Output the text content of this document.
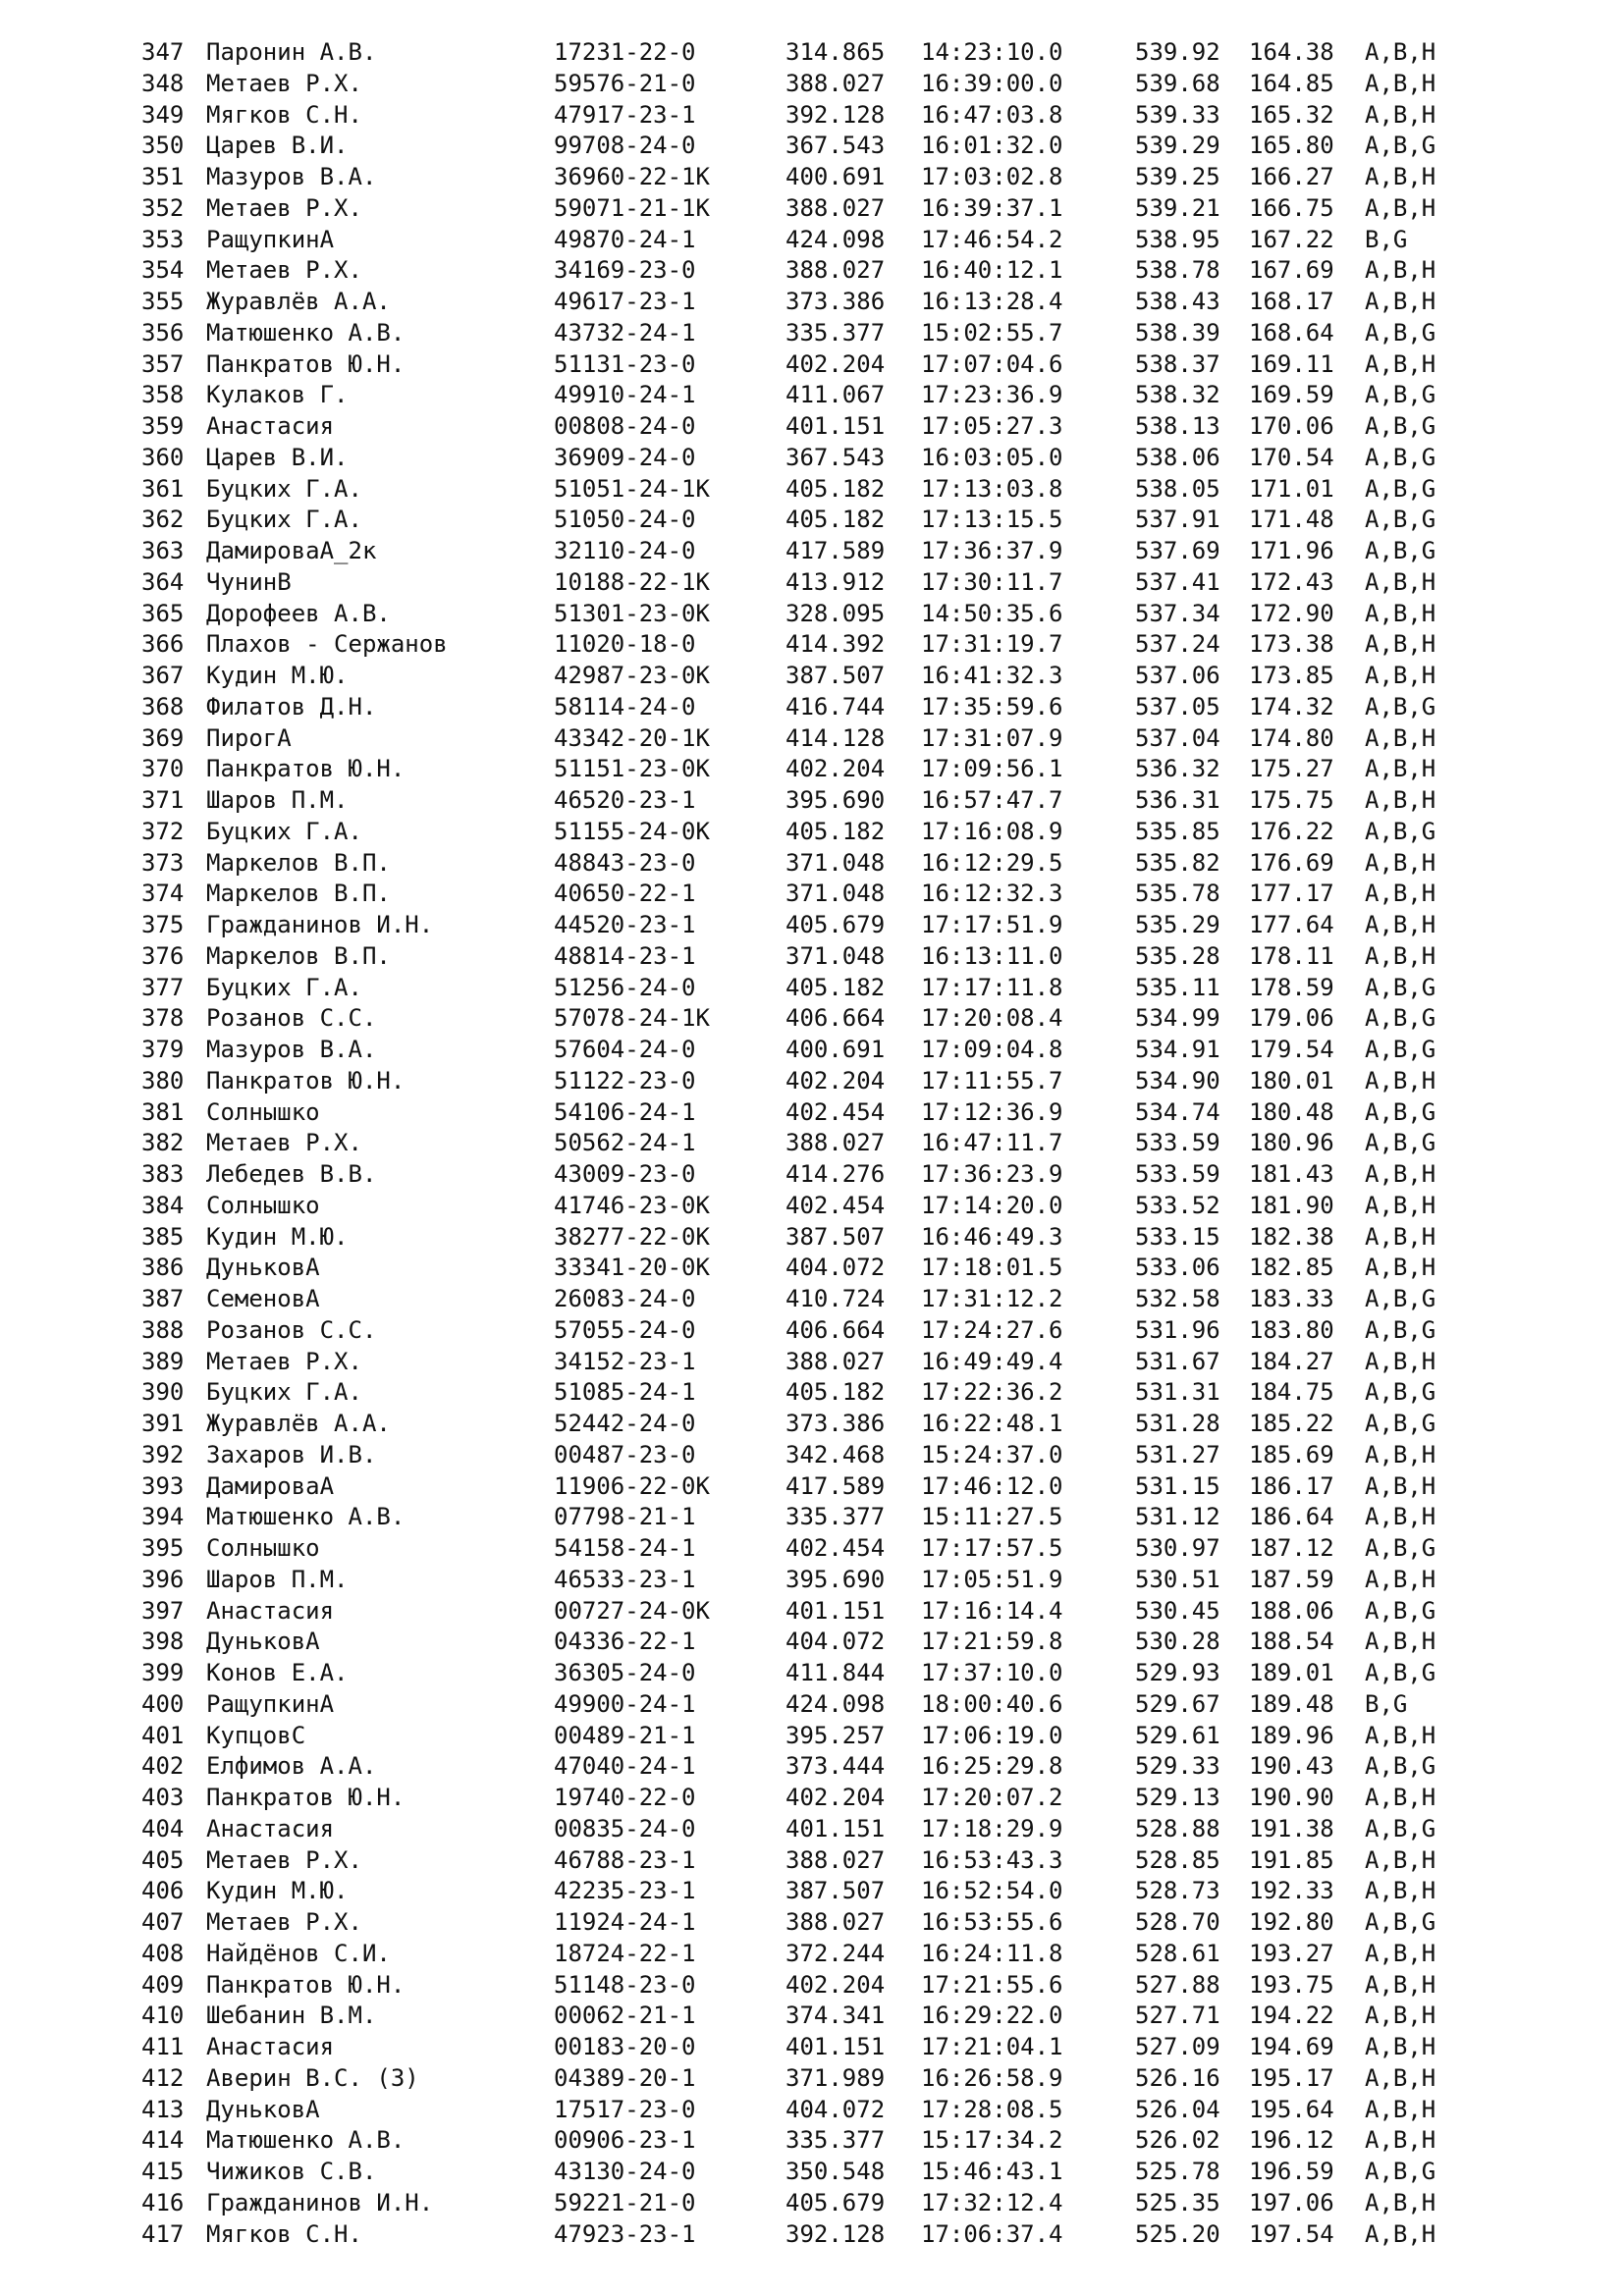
347 Паронин А.В.	17231-22-0	314.865 14:23:10.0	539.92 164.38 A,B,H
348 Метаев Р.Х.	59576-21-0	388.027 16:39:00.0	539.68 164.85 A,B,H
349 Мягков С.Н.	47917-23-1	392.128 16:47:03.8	539.33 165.32 A,B,H
350 Царев В.И.	99708-24-0	367.543 16:01:32.0	539.29 165.80 A,B,G
351 Мазуров В.А.	36960-22-1K	400.691 17:03:02.8	539.25 166.27 A,B,H
352 Метаев Р.Х.	59071-21-1K	388.027 16:39:37.1	539.21 166.75 A,B,H
353 РащупкинА	49870-24-1	424.098 17:46:54.2	538.95 167.22 B,G
354 Метаев Р.Х.	34169-23-0	388.027 16:40:12.1	538.78 167.69 A,B,H
355 Журавлёв А.А.	49617-23-1	373.386 16:13:28.4	538.43 168.17 A,B,H
356 Матюшенко А.В.	43732-24-1	335.377 15:02:55.7	538.39 168.64 A,B,G
357 Панкратов Ю.Н.	51131-23-0	402.204 17:07:04.6	538.37 169.11 A,B,H
358 Кулаков Г.	49910-24-1	411.067 17:23:36.9	538.32 169.59 A,B,G
359 Анастасия	00808-24-0	401.151 17:05:27.3	538.13 170.06 A,B,G
360 Царев В.И.	36909-24-0	367.543 16:03:05.0	538.06 170.54 A,B,G
361 Буцких Г.А.	51051-24-1K	405.182 17:13:03.8	538.05 171.01 A,B,G
362 Буцких Г.А.	51050-24-0	405.182 17:13:15.5	537.91 171.48 A,B,G
363 ДамироваА_2к	32110-24-0	417.589 17:36:37.9	537.69 171.96 A,B,G
364 ЧунинВ	10188-22-1K	413.912 17:30:11.7	537.41 172.43 A,B,H
365 Дорофеев А.В.	51301-23-0K	328.095 14:50:35.6	537.34 172.90 A,B,H
366 Плахов - Сержанов	11020-18-0	414.392 17:31:19.7	537.24 173.38 A,B,H
367 Кудин М.Ю.	42987-23-0K	387.507 16:41:32.3	537.06 173.85 A,B,H
368 Филатов Д.Н.	58114-24-0	416.744 17:35:59.6	537.05 174.32 A,B,G
369 ПирогА	43342-20-1K	414.128 17:31:07.9	537.04 174.80 A,B,H
370 Панкратов Ю.Н.	51151-23-0K	402.204 17:09:56.1	536.32 175.27 A,B,H
371 Шаров П.М.	46520-23-1	395.690 16:57:47.7	536.31 175.75 A,B,H
372 Буцких Г.А.	51155-24-0K	405.182 17:16:08.9	535.85 176.22 A,B,G
373 Маркелов В.П.	48843-23-0	371.048 16:12:29.5	535.82 176.69 A,B,H
374 Маркелов В.П.	40650-22-1	371.048 16:12:32.3	535.78 177.17 A,B,H
375 Гражданинов И.Н.	44520-23-1	405.679 17:17:51.9	535.29 177.64 A,B,H
376 Маркелов В.П.	48814-23-1	371.048 16:13:11.0	535.28 178.11 A,B,H
377 Буцких Г.А.	51256-24-0	405.182 17:17:11.8	535.11 178.59 A,B,G
378 Розанов С.С.	57078-24-1K	406.664 17:20:08.4	534.99 179.06 A,B,G
379 Мазуров В.А.	57604-24-0	400.691 17:09:04.8	534.91 179.54 A,B,G
380 Панкратов Ю.Н.	51122-23-0	402.204 17:11:55.7	534.90 180.01 A,B,H
381 Солнышко	54106-24-1	402.454 17:12:36.9	534.74 180.48 A,B,G
382 Метаев Р.Х.	50562-24-1	388.027 16:47:11.7	533.59 180.96 A,B,G
383 Лебедев В.В.	43009-23-0	414.276 17:36:23.9	533.59 181.43 A,B,H
384 Солнышко	41746-23-0K	402.454 17:14:20.0	533.52 181.90 A,B,H
385 Кудин М.Ю.	38277-22-0K	387.507 16:46:49.3	533.15 182.38 A,B,H
386 ДуньковА	33341-20-0K	404.072 17:18:01.5	533.06 182.85 A,B,H
387 СеменовА	26083-24-0	410.724 17:31:12.2	532.58 183.33 A,B,G
388 Розанов С.С.	57055-24-0	406.664 17:24:27.6	531.96 183.80 A,B,G
389 Метаев Р.Х.	34152-23-1	388.027 16:49:49.4	531.67 184.27 A,B,H
390 Буцких Г.А.	51085-24-1	405.182 17:22:36.2	531.31 184.75 A,B,G
391 Журавлёв А.А.	52442-24-0	373.386 16:22:48.1	531.28 185.22 A,B,G
392 Захаров И.В.	00487-23-0	342.468 15:24:37.0	531.27 185.69 A,B,H
393 ДамироваА	11906-22-0K	417.589 17:46:12.0	531.15 186.17 A,B,H
394 Матюшенко А.В.	07798-21-1	335.377 15:11:27.5	531.12 186.64 A,B,H
395 Солнышко	54158-24-1	402.454 17:17:57.5	530.97 187.12 A,B,G
396 Шаров П.М.	46533-23-1	395.690 17:05:51.9	530.51 187.59 A,B,H
397 Анастасия	00727-24-0K	401.151 17:16:14.4	530.45 188.06 A,B,G
398 ДуньковА	04336-22-1	404.072 17:21:59.8	530.28 188.54 A,B,H
399 Конов Е.А.	36305-24-0	411.844 17:37:10.0	529.93 189.01 A,B,G
400 РащупкинА	49900-24-1	424.098 18:00:40.6	529.67 189.48 B,G
401 КупцовС	00489-21-1	395.257 17:06:19.0	529.61 189.96 A,B,H
402 Елфимов А.А.	47040-24-1	373.444 16:25:29.8	529.33 190.43 A,B,G
403 Панкратов Ю.Н.	19740-22-0	402.204 17:20:07.2	529.13 190.90 A,B,H
404 Анастасия	00835-24-0	401.151 17:18:29.9	528.88 191.38 A,B,G
405 Метаев Р.Х.	46788-23-1	388.027 16:53:43.3	528.85 191.85 A,B,H
406 Кудин М.Ю.	42235-23-1	387.507 16:52:54.0	528.73 192.33 A,B,H
407 Метаев Р.Х.	11924-24-1	388.027 16:53:55.6	528.70 192.80 A,B,G
408 Найдёнов С.И.	18724-22-1	372.244 16:24:11.8	528.61 193.27 A,B,H
409 Панкратов Ю.Н.	51148-23-0	402.204 17:21:55.6	527.88 193.75 A,B,H
410 Шебанин В.М.	00062-21-1	374.341 16:29:22.0	527.71 194.22 A,B,H
411 Анастасия	00183-20-0	401.151 17:21:04.1	527.09 194.69 A,B,H
412 Аверин В.С. (З)	04389-20-1	371.989 16:26:58.9	526.16 195.17 A,B,H
413 ДуньковА	17517-23-0	404.072 17:28:08.5	526.04 195.64 A,B,H
414 Матюшенко А.В.	00906-23-1	335.377 15:17:34.2	526.02 196.12 A,B,H
415 Чижиков С.В.	43130-24-0	350.548 15:46:43.1	525.78 196.59 A,B,G
416 Гражданинов И.Н.	59221-21-0	405.679 17:32:12.4	525.35 197.06 A,B,H
417 Мягков С.Н.	47923-23-1	392.128 17:06:37.4	525.20 197.54 A,B,H
